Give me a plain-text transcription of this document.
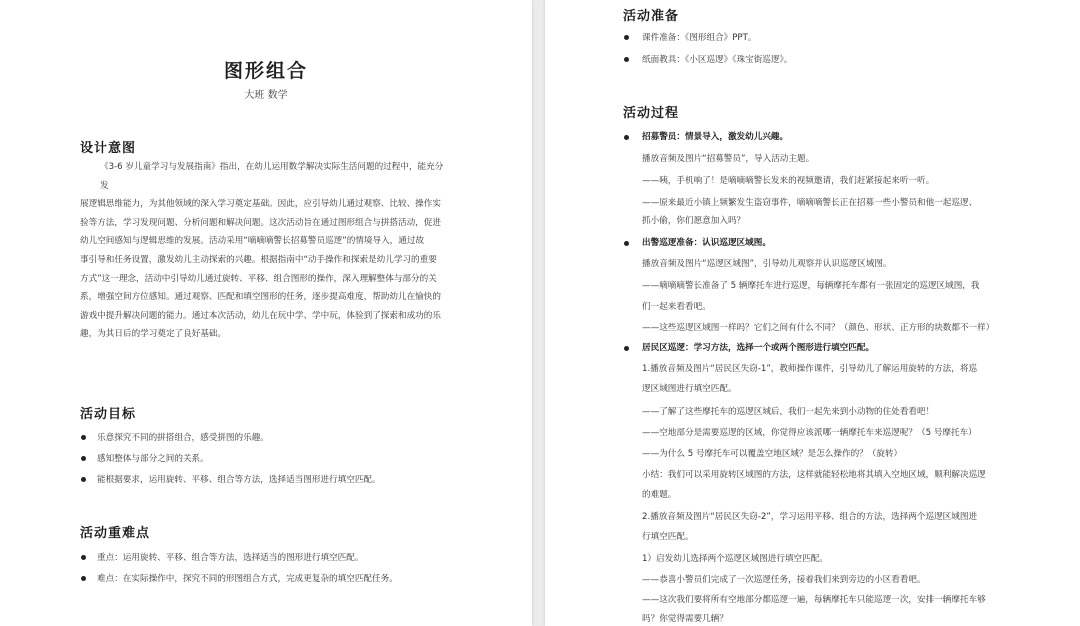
图形组合
大班 数学
设计意图

《3-6 岁儿童学习与发展指南》指出，在幼儿运用数学解决实际生活问题的过程中，能充分

发

展逻辑思维能力，为其他领域的深入学习奠定基础。因此，应引导幼儿通过观察、比较、操作实

验等方法，学习发现问题、分析问题和解决问题。这次活动旨在通过图形组合与拼搭活动，促进

幼儿空间感知与逻辑思维的发展。活动采用“嘀嘀嘀警长招募警员巡逻”的情境导入，通过故

事引导和任务设置，激发幼儿主动探索的兴趣。根据指南中“动手操作和探索是幼儿学习的重要

方式”这一理念，活动中引导幼儿通过旋转、平移、组合图形的操作，深入理解整体与部分的关

系，增强空间方位感知。通过观察、匹配和填空图形的任务，逐步提高难度，帮助幼儿在愉快的

游戏中提升解决问题的能力。通过本次活动，幼儿在玩中学、学中玩，体验到了探索和成功的乐

趣，为其日后的学习奠定了良好基础。

活动目标
乐意探究不同的拼搭组合，感受拼图的乐趣。
感知整体与部分之间的关系。
能根据要求，运用旋转、平移、组合等方法，选择适当图形进行填空匹配。
活动重难点
重点：运用旋转、平移、组合等方法，选择适当的图形进行填空匹配。
难点：在实际操作中，探究不同的形图组合方式，完成更复杂的填空匹配任务。
活动准备
课件准备：《图形组合》PPT。
纸面教具：《小区巡逻》《珠宝街巡逻》。
活动过程
招募警员：情景导入，激发幼儿兴趣。
播放音频及图片“招募警员”，导入活动主题。
——咦，手机响了！是嘀嘀嘀警长发来的视频邀请，我们赶紧接起来听一听。
——原来最近小镇上频繁发生盗窃事件，嘀嘀嘀警长正在招募一些小警员和他一起巡逻、
抓小偷，你们愿意加入吗？
出警巡逻准备：认识巡逻区域图。
播放音频及图片“巡逻区域图”，引导幼儿观察并认识巡逻区域图。
——嘀嘀嘀警长准备了 5 辆摩托车进行巡逻，每辆摩托车都有一张固定的巡逻区域图，我
们一起来看看吧。
——这些巡逻区域图一样吗？它们之间有什么不同？（颜色、形状、正方形的块数都不一样）
居民区巡逻：学习方法，选择一个或两个图形进行填空匹配。
1.播放音频及图片“居民区失窃-1”，教师操作课件，引导幼儿了解运用旋转的方法，将巡
逻区域图进行填空匹配。
——了解了这些摩托车的巡逻区域后，我们一起先来到小动物的住处看看吧！
——空地部分是需要巡逻的区域，你觉得应该派哪一辆摩托车来巡逻呢？（5 号摩托车）
——为什么 5 号摩托车可以覆盖空地区域？是怎么操作的？（旋转）
小结：我们可以采用旋转区域图的方法，这样就能轻松地将其填入空地区域，顺利解决巡逻
的难题。
2.播放音频及图片“居民区失窃-2”，学习运用平移、组合的方法，选择两个巡逻区域图进
行填空匹配。
1）启发幼儿选择两个巡逻区域图进行填空匹配。
——恭喜小警员们完成了一次巡逻任务，接着我们来到旁边的小区看看吧。
——这次我们要将所有空地部分都巡逻一遍，每辆摩托车只能巡逻一次，安排一辆摩托车够
吗？你觉得需要几辆？
